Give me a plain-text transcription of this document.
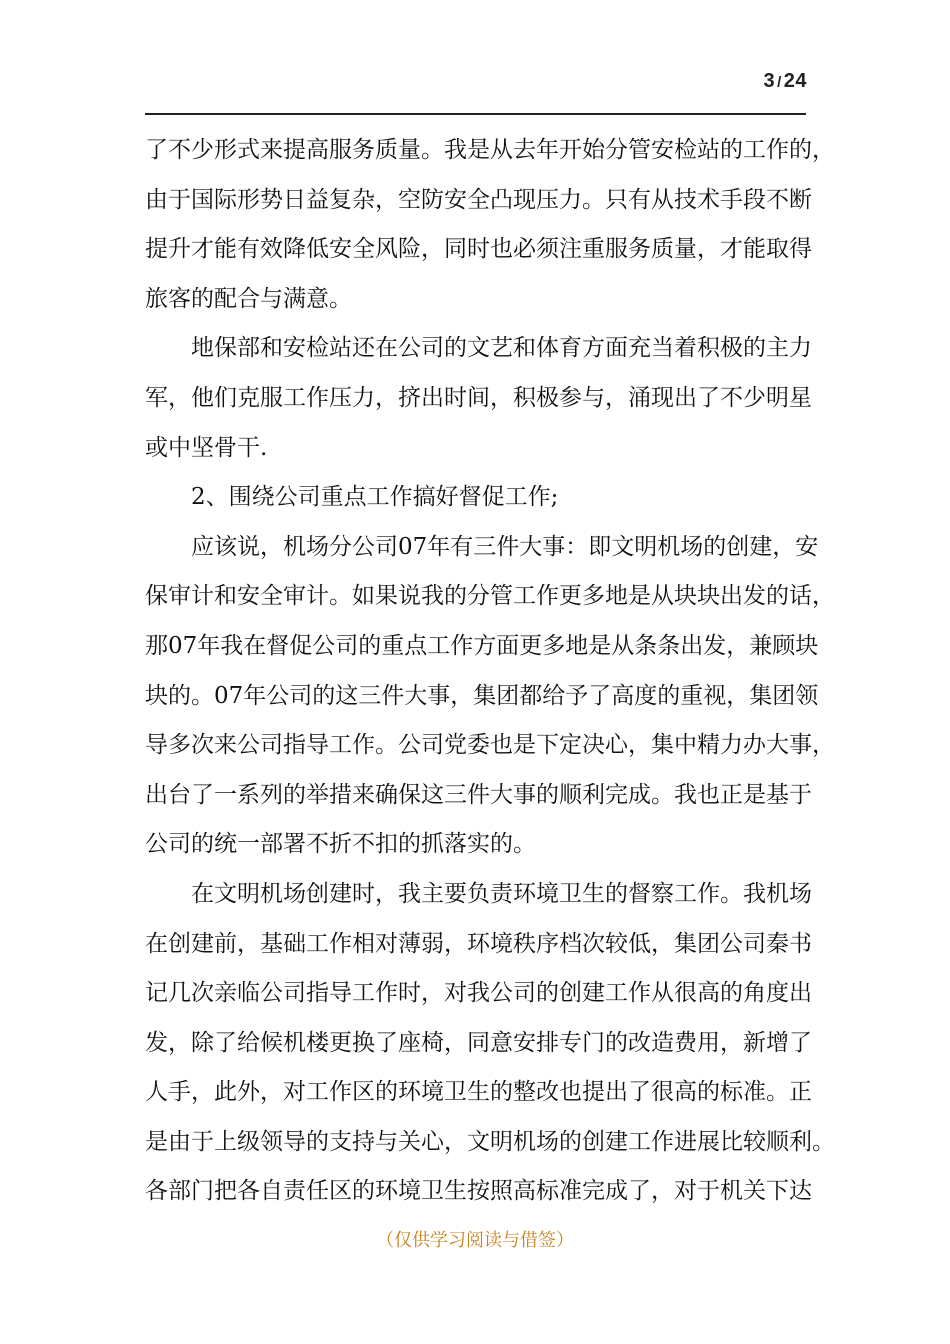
3 / 24
了不少形式来提高服务质量。我是从去年开始分管安检站的工作的，
由于国际形势日益复杂，空防安全凸现压力。只有从技术手段不断
提升才能有效降低安全风险，同时也必须注重服务质量，才能取得
旅客的配合与满意。
地保部和安检站还在公司的文艺和体育方面充当着积极的主力
军，他们克服工作压力，挤出时间，积极参与，涌现出了不少明星
或中坚骨干.
2、围绕公司重点工作搞好督促工作;
应该说，机场分公司07年有三件大事：即文明机场的创建，安
保审计和安全审计。如果说我的分管工作更多地是从块块出发的话，
那07年我在督促公司的重点工作方面更多地是从条条出发，兼顾块
块的。07年公司的这三件大事，集团都给予了高度的重视，集团领
导多次来公司指导工作。公司党委也是下定决心，集中精力办大事，
出台了一系列的举措来确保这三件大事的顺利完成。我也正是基于
公司的统一部署不折不扣的抓落实的。
在文明机场创建时，我主要负责环境卫生的督察工作。我机场
在创建前，基础工作相对薄弱，环境秩序档次较低，集团公司秦书
记几次亲临公司指导工作时，对我公司的创建工作从很高的角度出
发，除了给候机楼更换了座椅，同意安排专门的改造费用，新增了
人手，此外，对工作区的环境卫生的整改也提出了很高的标准。正
是由于上级领导的支持与关心，文明机场的创建工作进展比较顺利。
各部门把各自责任区的环境卫生按照高标准完成了，对于机关下达
（仅供学习阅读与借签）
